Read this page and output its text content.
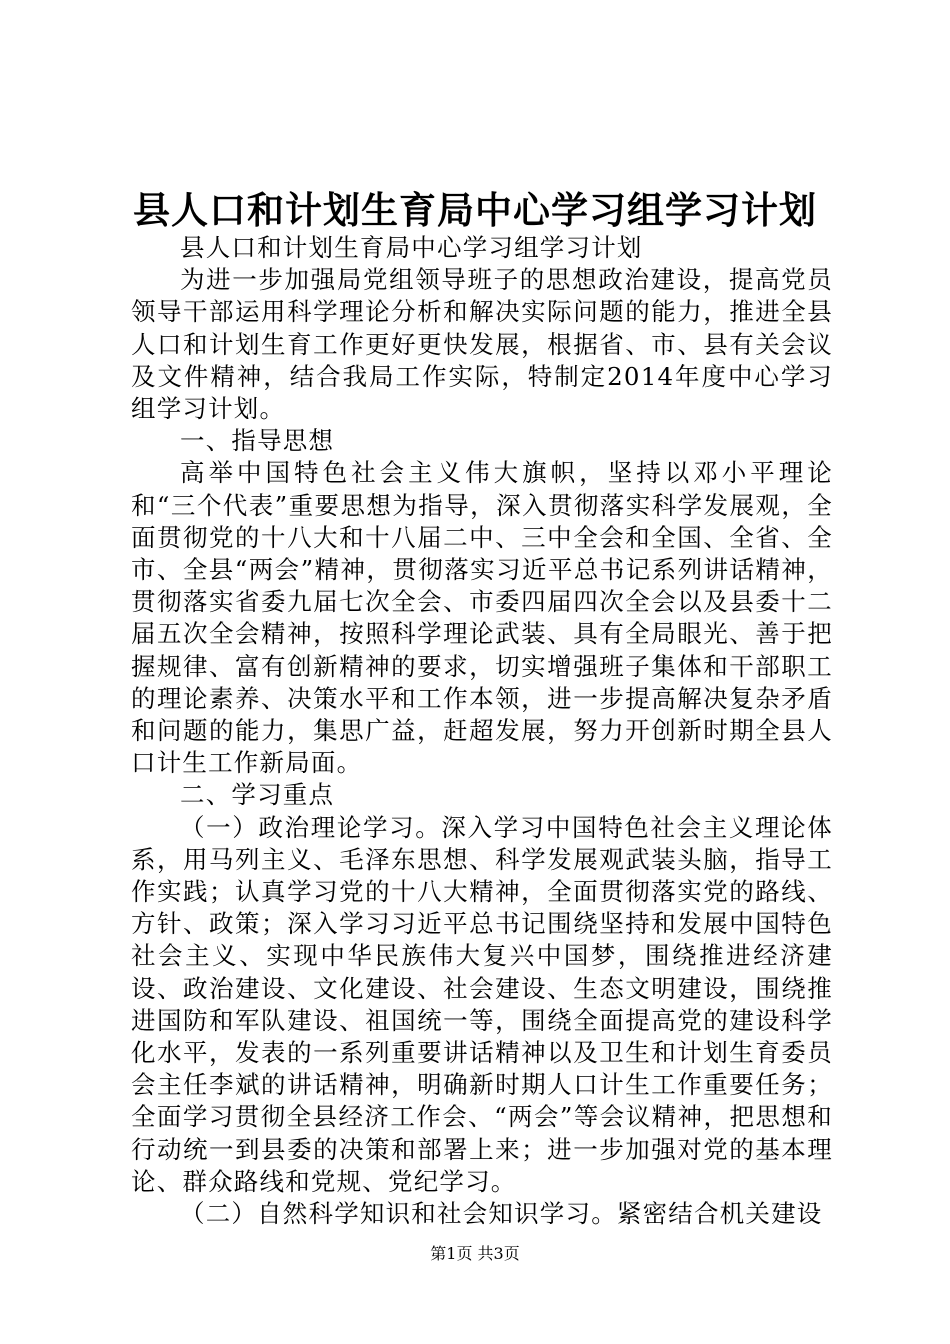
县人口和计划生育局中心学习组学习计划

县人口和计划生育局中心学习组学习计划

为进一步加强局党组领导班子的思想政治建设，提高党员领导干部运用科学理论分析和解决实际问题的能力，推进全县人口和计划生育工作更好更快发展，根据省、市、县有关会议及文件精神，结合我局工作实际，特制定2014年度中心学习组学习计划。

一、指导思想

高举中国特色社会主义伟大旗帜，坚持以邓小平理论和“三个代表”重要思想为指导，深入贯彻落实科学发展观，全面贯彻党的十八大和十八届二中、三中全会和全国、全省、全市、全县“两会”精神，贯彻落实习近平总书记系列讲话精神，贯彻落实省委九届七次全会、市委四届四次全会以及县委十二届五次全会精神，按照科学理论武装、具有全局眼光、善于把握规律、富有创新精神的要求，切实增强班子集体和干部职工的理论素养、决策水平和工作本领，进一步提高解决复杂矛盾和问题的能力，集思广益，赶超发展，努力开创新时期全县人口计生工作新局面。

二、学习重点

（一）政治理论学习。深入学习中国特色社会主义理论体系，用马列主义、毛泽东思想、科学发展观武装头脑，指导工作实践；认真学习党的十八大精神，全面贯彻落实党的路线、方针、政策；深入学习习近平总书记围绕坚持和发展中国特色社会主义、实现中华民族伟大复兴中国梦，围绕推进经济建设、政治建设、文化建设、社会建设、生态文明建设，围绕推进国防和军队建设、祖国统一等，围绕全面提高党的建设科学化水平，发表的一系列重要讲话精神以及卫生和计划生育委员会主任李斌的讲话精神，明确新时期人口计生工作重要任务；全面学习贯彻全县经济工作会、“两会”等会议精神，把思想和行动统一到县委的决策和部署上来；进一步加强对党的基本理论、群众路线和党规、党纪学习。

（二）自然科学知识和社会知识学习。紧密结合机关建设

第1页 共3页
